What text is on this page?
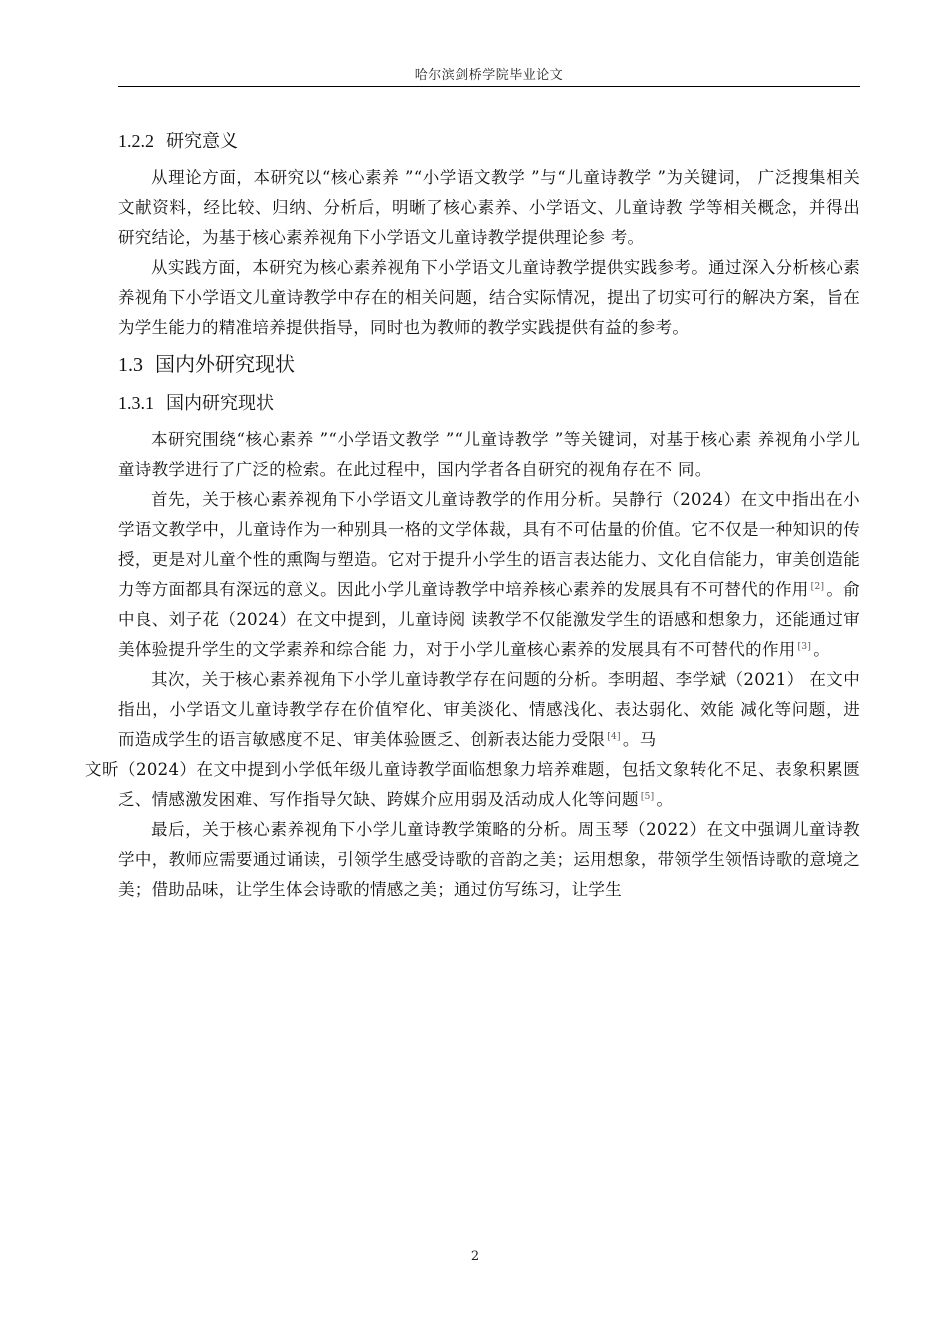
哈尔滨剑桥学院毕业论文
1.2.2 研究意义

从理论方面，本研究以“核心素养 ”“小学语文教学 ”与“儿童诗教学 ”为关键词， 广泛搜集相关文献资料，经比较、归纳、分析后，明晰了核心素养、小学语文、儿童诗教 学等相关概念，并得出研究结论，为基于核心素养视角下小学语文儿童诗教学提供理论参 考。

从实践方面，本研究为核心素养视角下小学语文儿童诗教学提供实践参考。通过深入分析核心素养视角下小学语文儿童诗教学中存在的相关问题，结合实际情况，提出了切实可行的解决方案，旨在为学生能力的精准培养提供指导，同时也为教师的教学实践提供有益的参考。

1.3 国内外研究现状
1.3.1 国内研究现状

本研究围绕“核心素养 ”“小学语文教学 ”“儿童诗教学 ”等关键词，对基于核心素 养视角小学儿童诗教学进行了广泛的检索。在此过程中，国内学者各自研究的视角存在不 同。

首先，关于核心素养视角下小学语文儿童诗教学的作用分析。吴静行（2024）在文中指出在小学语文教学中，儿童诗作为一种别具一格的文学体裁，具有不可估量的价值。它不仅是一种知识的传授，更是对儿童个性的熏陶与塑造。它对于提升小学生的语言表达能力、文化自信能力，审美创造能力等方面都具有深远的意义。因此小学儿童诗教学中培养核心素养的发展具有不可替代的作用 [2] 。俞中良、刘子花（2024）在文中提到，儿童诗阅 读教学不仅能激发学生的语感和想象力，还能通过审美体验提升学生的文学素养和综合能 力，对于小学儿童核心素养的发展具有不可替代的作用 [3] 。

其次，关于核心素养视角下小学儿童诗教学存在问题的分析。李明超、李学斌（2021） 在文中指出，小学语文儿童诗教学存在价值窄化、审美淡化、情感浅化、表达弱化、效能 减化等问题，进而造成学生的语言敏感度不足、审美体验匮乏、创新表达能力受限 [4] 。马
文昕（2024）在文中提到小学低年级儿童诗教学面临想象力培养难题，包括文象转化不足、表象积累匮乏、情感激发困难、写作指导欠缺、跨媒介应用弱及活动成人化等问题 [5] 。

最后，关于核心素养视角下小学儿童诗教学策略的分析。周玉琴（2022）在文中强调儿童诗教学中，教师应需要通过诵读，引领学生感受诗歌的音韵之美；运用想象，带领学生领悟诗歌的意境之美；借助品味，让学生体会诗歌的情感之美；通过仿写练习，让学生

2
